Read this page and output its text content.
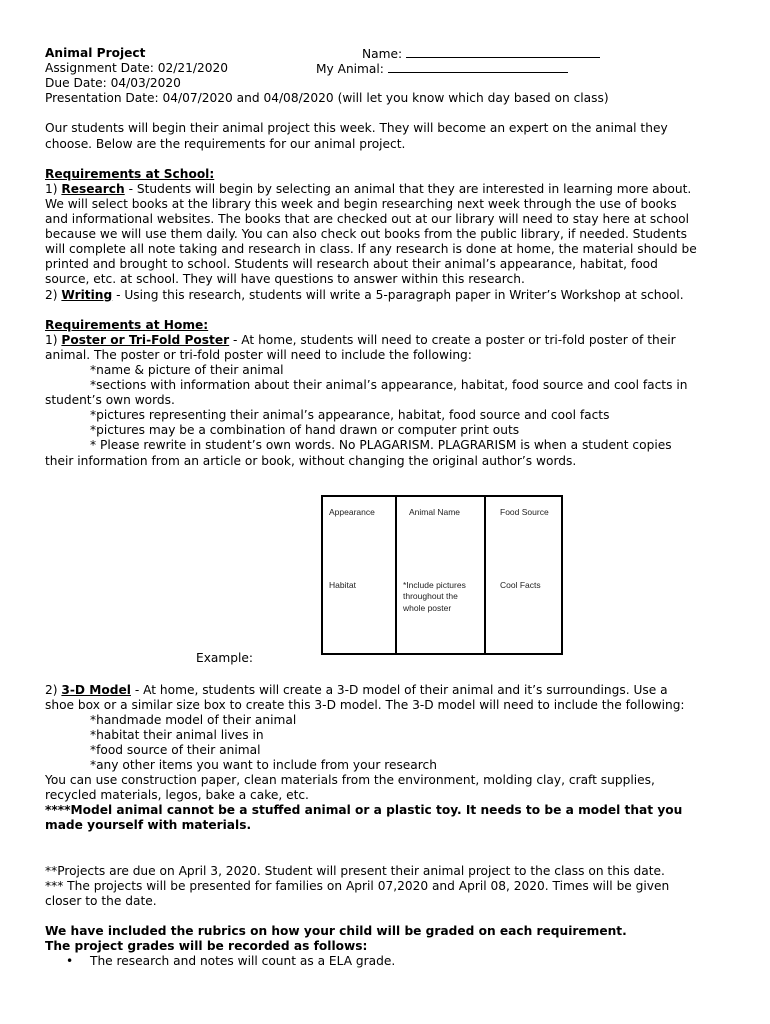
Animal Project	Name:
Assignment Date: 02/21/2020	My Animal:
Due Date: 04/03/2020
Presentation Date: 04/07/2020 and 04/08/2020 (will let you know which day based on class)
Our students will begin their animal project this week. They will become an expert on the animal they
choose. Below are the requirements for our animal project.
Requirements at School:
1) Research - Students will begin by selecting an animal that they are interested in learning more about.
We will select books at the library this week and begin researching next week through the use of books
and informational websites. The books that are checked out at our library will need to stay here at school
because we will use them daily. You can also check out books from the public library, if needed. Students
will complete all note taking and research in class. If any research is done at home, the material should be
printed and brought to school. Students will research about their animal’s appearance, habitat, food
source, etc. at school. They will have questions to answer within this research.
2) Writing - Using this research, students will write a 5-paragraph paper in Writer’s Workshop at school.
Requirements at Home:
1) Poster or Tri-Fold Poster - At home, students will need to create a poster or tri-fold poster of their
animal. The poster or tri-fold poster will need to include the following:
*name & picture of their animal
*sections with information about their animal’s appearance, habitat, food source and cool facts in
student’s own words.
*pictures representing their animal’s appearance, habitat, food source and cool facts
*pictures may be a combination of hand drawn or computer print outs
* Please rewrite in student’s own words. No PLAGARISM. PLAGRARISM is when a student copies
their information from an article or book, without changing the original author’s words.
Example:
Appearance
Habitat
Animal Name
*Include pictures throughout the whole poster
Food Source
Cool Facts
2) 3-D Model - At home, students will create a 3-D model of their animal and it’s surroundings. Use a
shoe box or a similar size box to create this 3-D model. The 3-D model will need to include the following:
*handmade model of their animal
*habitat their animal lives in
*food source of their animal
*any other items you want to include from your research
You can use construction paper, clean materials from the environment, molding clay, craft supplies,
recycled materials, legos, bake a cake, etc.
****Model animal cannot be a stuffed animal or a plastic toy. It needs to be a model that you
made yourself with materials.
**Projects are due on April 3, 2020. Student will present their animal project to the class on this date.
*** The projects will be presented for families on April 07,2020 and April 08, 2020. Times will be given
closer to the date.
We have included the rubrics on how your child will be graded on each requirement.
The project grades will be recorded as follows:
• The research and notes will count as a ELA grade.
